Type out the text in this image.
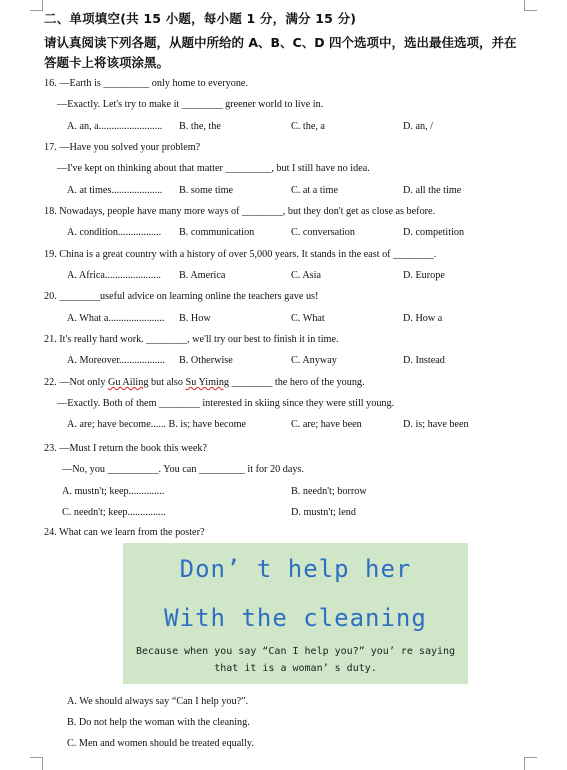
二、单项填空(共 15 小题，每小题 1 分，满分 15 分)
请认真阅读下列各题，从题中所给的 A、B、C、D 四个选项中，选出最佳选项，并在
答题卡上将该项涂黑。
16. —Earth is _________ only home to everyone.
—Exactly. Let's try to make it ________ greener world to live in.
A. an, a......................... B. the, the	C. the, a	D. an, /
17. —Have you solved your problem?
—I've kept on thinking about that matter _________, but I still have no idea.
A. at times.................... B. some time	C. at a time	D. all the time
18. Nowadays, people have many more ways of ________, but they don't get as close as before.
A. condition................. B. communication	C. conversation	D. competition
19. China is a great country with a history of over 5,000 years. It stands in the east of ________.
A. Africa...................... B. America	C. Asia	D. Europe
20. ________useful advice on learning online the teachers gave us!
A. What a...................... B. How	C. What	D. How a
21. It's really hard work. ________, we'll try our best to finish it in time.
A. Moreover.................. B. Otherwise	C. Anyway	D. Instead
22. —Not only Gu Ailing but also Su Yiming ________ the hero of the young.
—Exactly. Both of them ________ interested in skiing since they were still young.
A. are; have become...... B. is; have become	C. are; have been	D. is; have been
23. —Must I return the book this week?
—No, you __________. You can _________ it for 20 days.
A. mustn't; keep..............	B. needn't; borrow
C. needn't; keep...............	D. mustn't; lend
24. What can we learn from the poster?
Don’ t help her
With the cleaning
Because when you say “Can I help you?” you’ re saying
that it is a woman’ s duty.
A. We should always say “Can I help you?”.
B. Do not help the woman with the cleaning.
C. Men and women should be treated equally.
